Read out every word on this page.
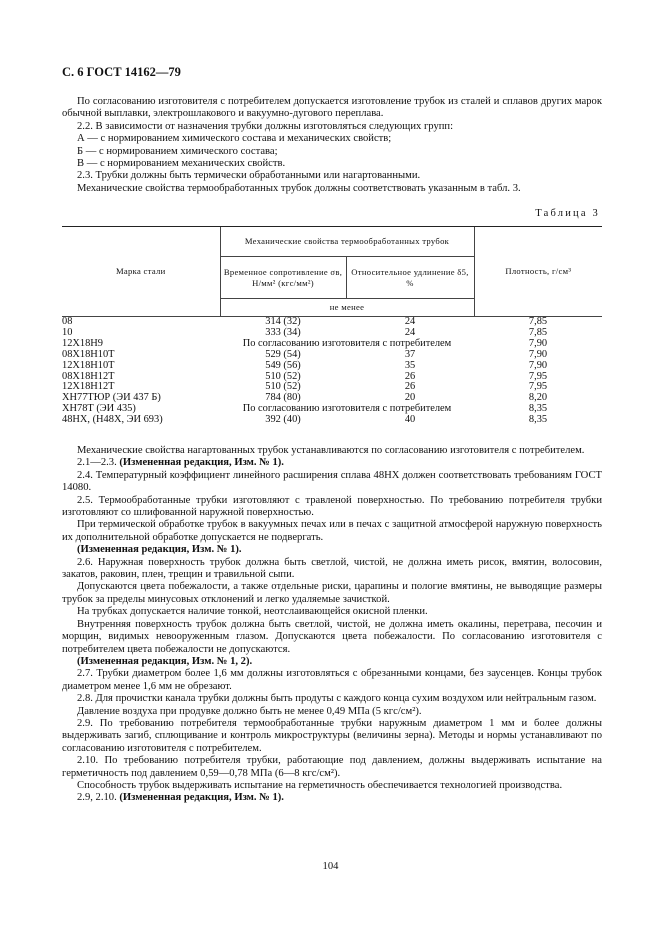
С. 6 ГОСТ 14162—79

По согласованию изготовителя с потребителем допускается изготовление трубок из сталей и сплавов других марок обычной выплавки, электрошлакового и вакуумно-дугового переплава.

2.2. В зависимости от назначения трубки должны изготовляться следующих групп:

А — с нормированием химического состава и механических свойств;

Б — с нормированием химического состава;

В — с нормированием механических свойств.

2.3. Трубки должны быть термически обработанными или нагартованными.

Механические свойства термообработанных трубок должны соответствовать указанным в табл. 3.

Таблица 3
Марка стали	Механические свойства термообработанных трубок		Плотность, г/см³
	Временное сопротивление σв, Н/мм² (кгс/мм²)	Относительное удлинение δ5, %	
	не менее		
08	314 (32)	24	7,85
10	333 (34)	24	7,85
12Х18Н9	По согласованию изготовителя с потребителем		7,90
08Х18Н10Т	529 (54)	37	7,90
12Х18Н10Т	549 (56)	35	7,90
08Х18Н12Т	510 (52)	26	7,95
12Х18Н12Т	510 (52)	26	7,95
ХН77ТЮР (ЭИ 437 Б)	784 (80)	20	8,20
ХН78Т (ЭИ 435)	По согласованию изготовителя с потребителем		8,35
48НХ, (Н48Х, ЭИ 693)	392 (40)	40	8,35

Механические свойства нагартованных трубок устанавливаются по согласованию изготовителя с потребителем.

2.1—2.3. (Измененная редакция, Изм. № 1).

2.4. Температурный коэффициент линейного расширения сплава 48НХ должен соответствовать требованиям ГОСТ 14080.

2.5. Термообработанные трубки изготовляют с травленой поверхностью. По требованию потребителя трубки изготовляют со шлифованной наружной поверхностью.

При термической обработке трубок в вакуумных печах или в печах с защитной атмосферой наружную поверхность их дополнительной обработке допускается не подвергать.

(Измененная редакция, Изм. № 1).

2.6. Наружная поверхность трубок должна быть светлой, чистой, не должна иметь рисок, вмятин, волосовин, закатов, раковин, плен, трещин и травильной сыпи.

Допускаются цвета побежалости, а также отдельные риски, царапины и пологие вмятины, не выводящие размеры трубок за пределы минусовых отклонений и легко удаляемые зачисткой.

На трубках допускается наличие тонкой, неотслаивающейся окисной пленки.

Внутренняя поверхность трубок должна быть светлой, чистой, не должна иметь окалины, перетрава, песочин и морщин, видимых невооруженным глазом. Допускаются цвета побежалости. По согласованию изготовителя с потребителем цвета побежалости не допускаются.

(Измененная редакция, Изм. № 1, 2).

2.7. Трубки диаметром более 1,6 мм должны изготовляться с обрезанными концами, без заусенцев. Концы трубок диаметром менее 1,6 мм не обрезают.

2.8. Для прочистки канала трубки должны быть продуты с каждого конца сухим воздухом или нейтральным газом.

Давление воздуха при продувке должно быть не менее 0,49 МПа (5 кгс/см²).

2.9. По требованию потребителя термообработанные трубки наружным диаметром 1 мм и более должны выдерживать загиб, сплющивание и контроль микроструктуры (величины зерна). Методы и нормы устанавливают по согласованию изготовителя с потребителем.

2.10. По требованию потребителя трубки, работающие под давлением, должны выдерживать испытание на герметичность под давлением 0,59—0,78 МПа (6—8 кгс/см²).

Способность трубок выдерживать испытание на герметичность обеспечивается технологией производства.

2.9, 2.10. (Измененная редакция, Изм. № 1).

104
